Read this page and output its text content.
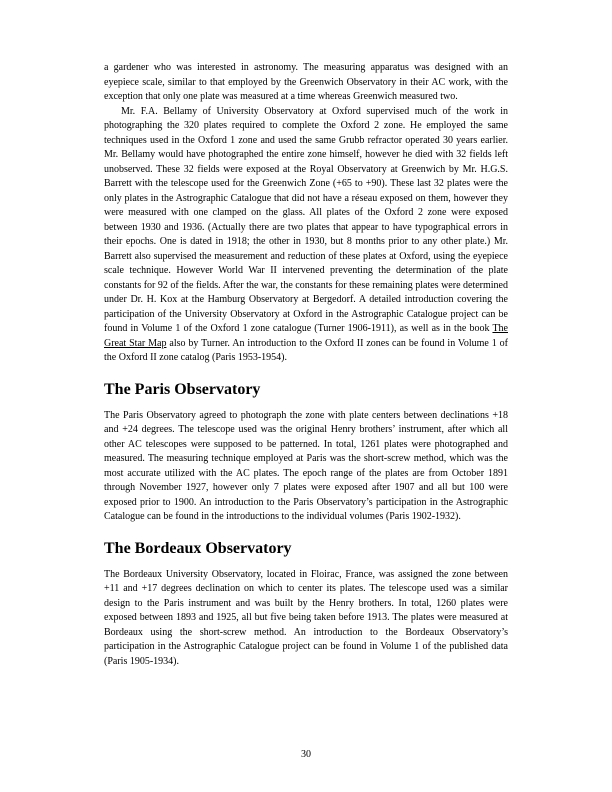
a gardener who was interested in astronomy. The measuring apparatus was designed with an eyepiece scale, similar to that employed by the Greenwich Observatory in their AC work, with the exception that only one plate was measured at a time whereas Greenwich measured two.

Mr. F.A. Bellamy of University Observatory at Oxford supervised much of the work in photographing the 320 plates required to complete the Oxford 2 zone. He employed the same techniques used in the Oxford 1 zone and used the same Grubb refractor operated 30 years earlier. Mr. Bellamy would have photographed the entire zone himself, however he died with 32 fields left unobserved. These 32 fields were exposed at the Royal Observatory at Greenwich by Mr. H.G.S. Barrett with the telescope used for the Greenwich Zone (+65 to +90). These last 32 plates were the only plates in the Astrographic Catalogue that did not have a réseau exposed on them, however they were measured with one clamped on the glass. All plates of the Oxford 2 zone were exposed between 1930 and 1936. (Actually there are two plates that appear to have typographical errors in their epochs. One is dated in 1918; the other in 1930, but 8 months prior to any other plate.) Mr. Barrett also supervised the measurement and reduction of these plates at Oxford, using the eyepiece scale technique. However World War II intervened preventing the determination of the plate constants for 92 of the fields. After the war, the constants for these remaining plates were determined under Dr. H. Kox at the Hamburg Observatory at Bergedorf. A detailed introduction covering the participation of the University Observatory at Oxford in the Astrographic Catalogue project can be found in Volume 1 of the Oxford 1 zone catalogue (Turner 1906-1911), as well as in the book The Great Star Map also by Turner. An introduction to the Oxford II zones can be found in Volume 1 of the Oxford II zone catalog (Paris 1953-1954).

The Paris Observatory

The Paris Observatory agreed to photograph the zone with plate centers between declinations +18 and +24 degrees. The telescope used was the original Henry brothers’ instrument, after which all other AC telescopes were supposed to be patterned. In total, 1261 plates were photographed and measured. The measuring technique employed at Paris was the short-screw method, which was the most accurate utilized with the AC plates. The epoch range of the plates are from October 1891 through November 1927, however only 7 plates were exposed after 1907 and all but 100 were exposed prior to 1900. An introduction to the Paris Observatory’s participation in the Astrographic Catalogue can be found in the introductions to the individual volumes (Paris 1902-1932).

The Bordeaux Observatory

The Bordeaux University Observatory, located in Floirac, France, was assigned the zone between +11 and +17 degrees declination on which to center its plates. The telescope used was a similar design to the Paris instrument and was built by the Henry brothers. In total, 1260 plates were exposed between 1893 and 1925, all but five being taken before 1913. The plates were measured at Bordeaux using the short-screw method. An introduction to the Bordeaux Observatory’s participation in the Astrographic Catalogue project can be found in Volume 1 of the published data (Paris 1905-1934).

30
